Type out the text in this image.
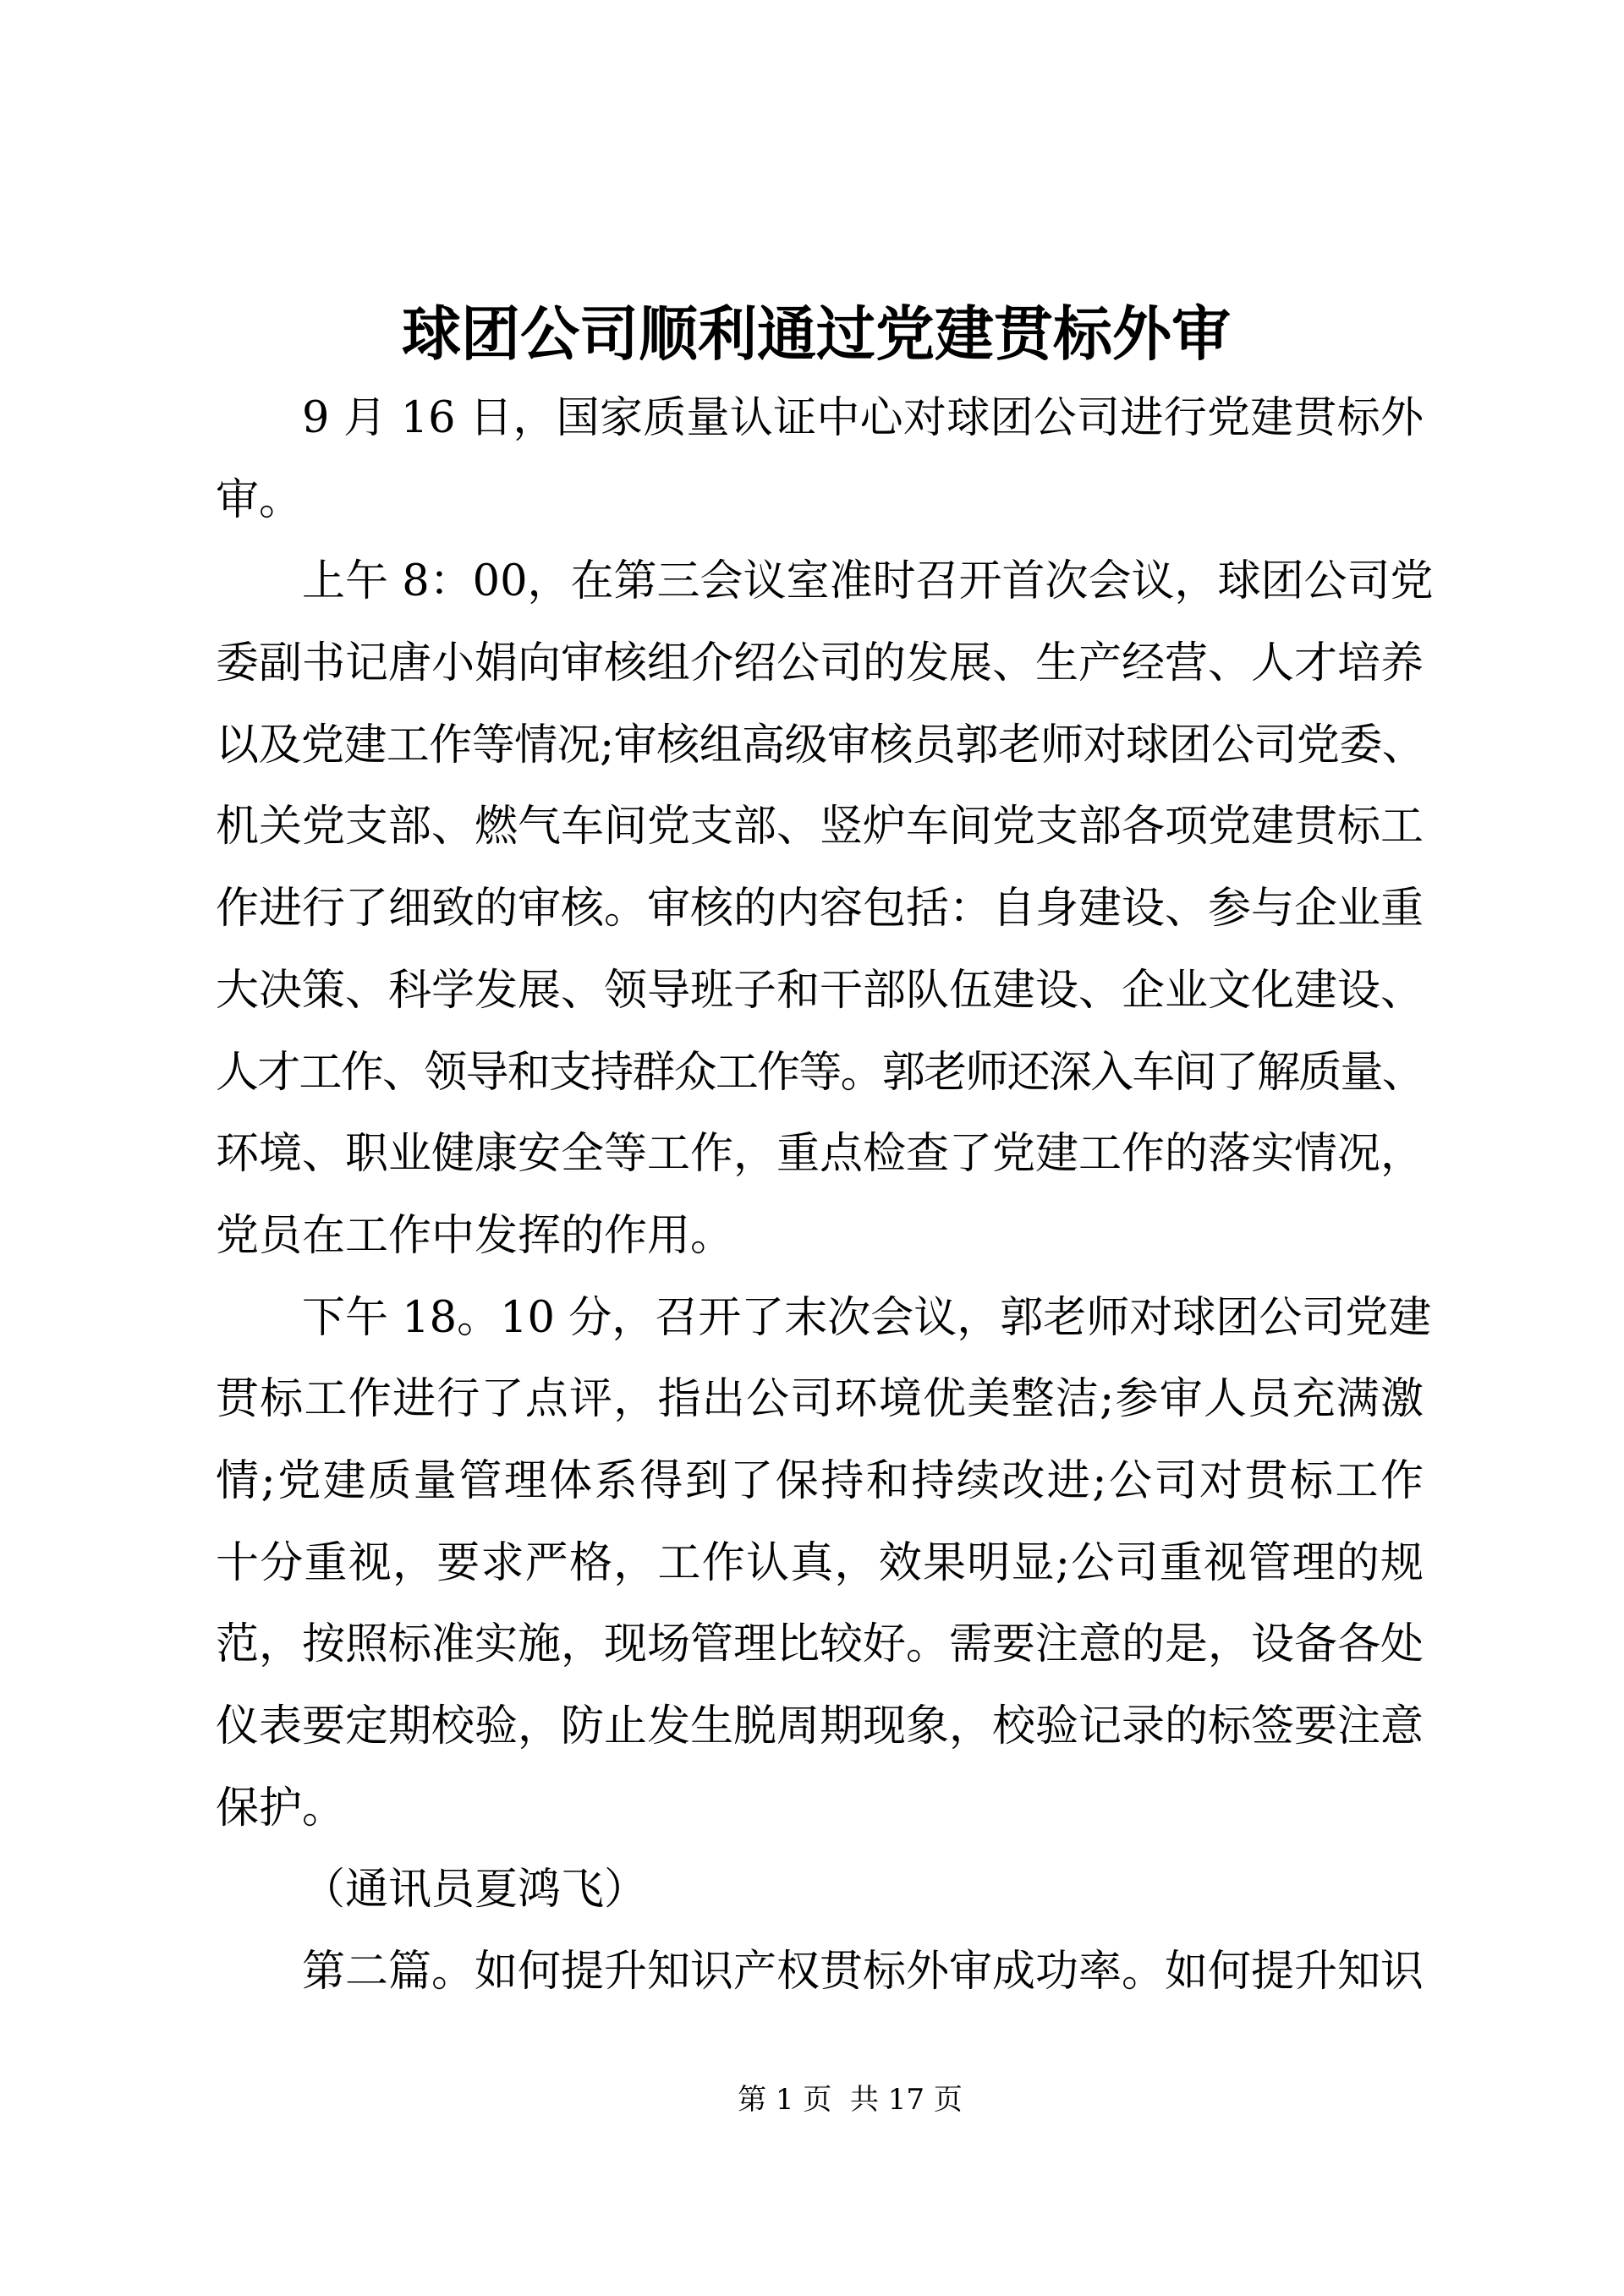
球团公司顺利通过党建贯标外审
9 月 16 日，国家质量认证中心对球团公司进行党建贯标外
审。
上午 8：00，在第三会议室准时召开首次会议，球团公司党
委副书记唐小娟向审核组介绍公司的发展、生产经营、人才培养
以及党建工作等情况;审核组高级审核员郭老师对球团公司党委、
机关党支部、燃气车间党支部、竖炉车间党支部各项党建贯标工
作进行了细致的审核。审核的内容包括：自身建设、参与企业重
大决策、科学发展、领导班子和干部队伍建设、企业文化建设、
人才工作、领导和支持群众工作等。郭老师还深入车间了解质量、
环境、职业健康安全等工作，重点检查了党建工作的落实情况，
党员在工作中发挥的作用。
下午 18。10 分，召开了末次会议，郭老师对球团公司党建
贯标工作进行了点评，指出公司环境优美整洁;参审人员充满激
情;党建质量管理体系得到了保持和持续改进;公司对贯标工作
十分重视，要求严格，工作认真，效果明显;公司重视管理的规
范，按照标准实施，现场管理比较好。需要注意的是，设备各处
仪表要定期校验，防止发生脱周期现象，校验记录的标签要注意
保护。
（通讯员夏鸿飞）
第二篇。如何提升知识产权贯标外审成功率。如何提升知识
第 1 页  共 17 页
